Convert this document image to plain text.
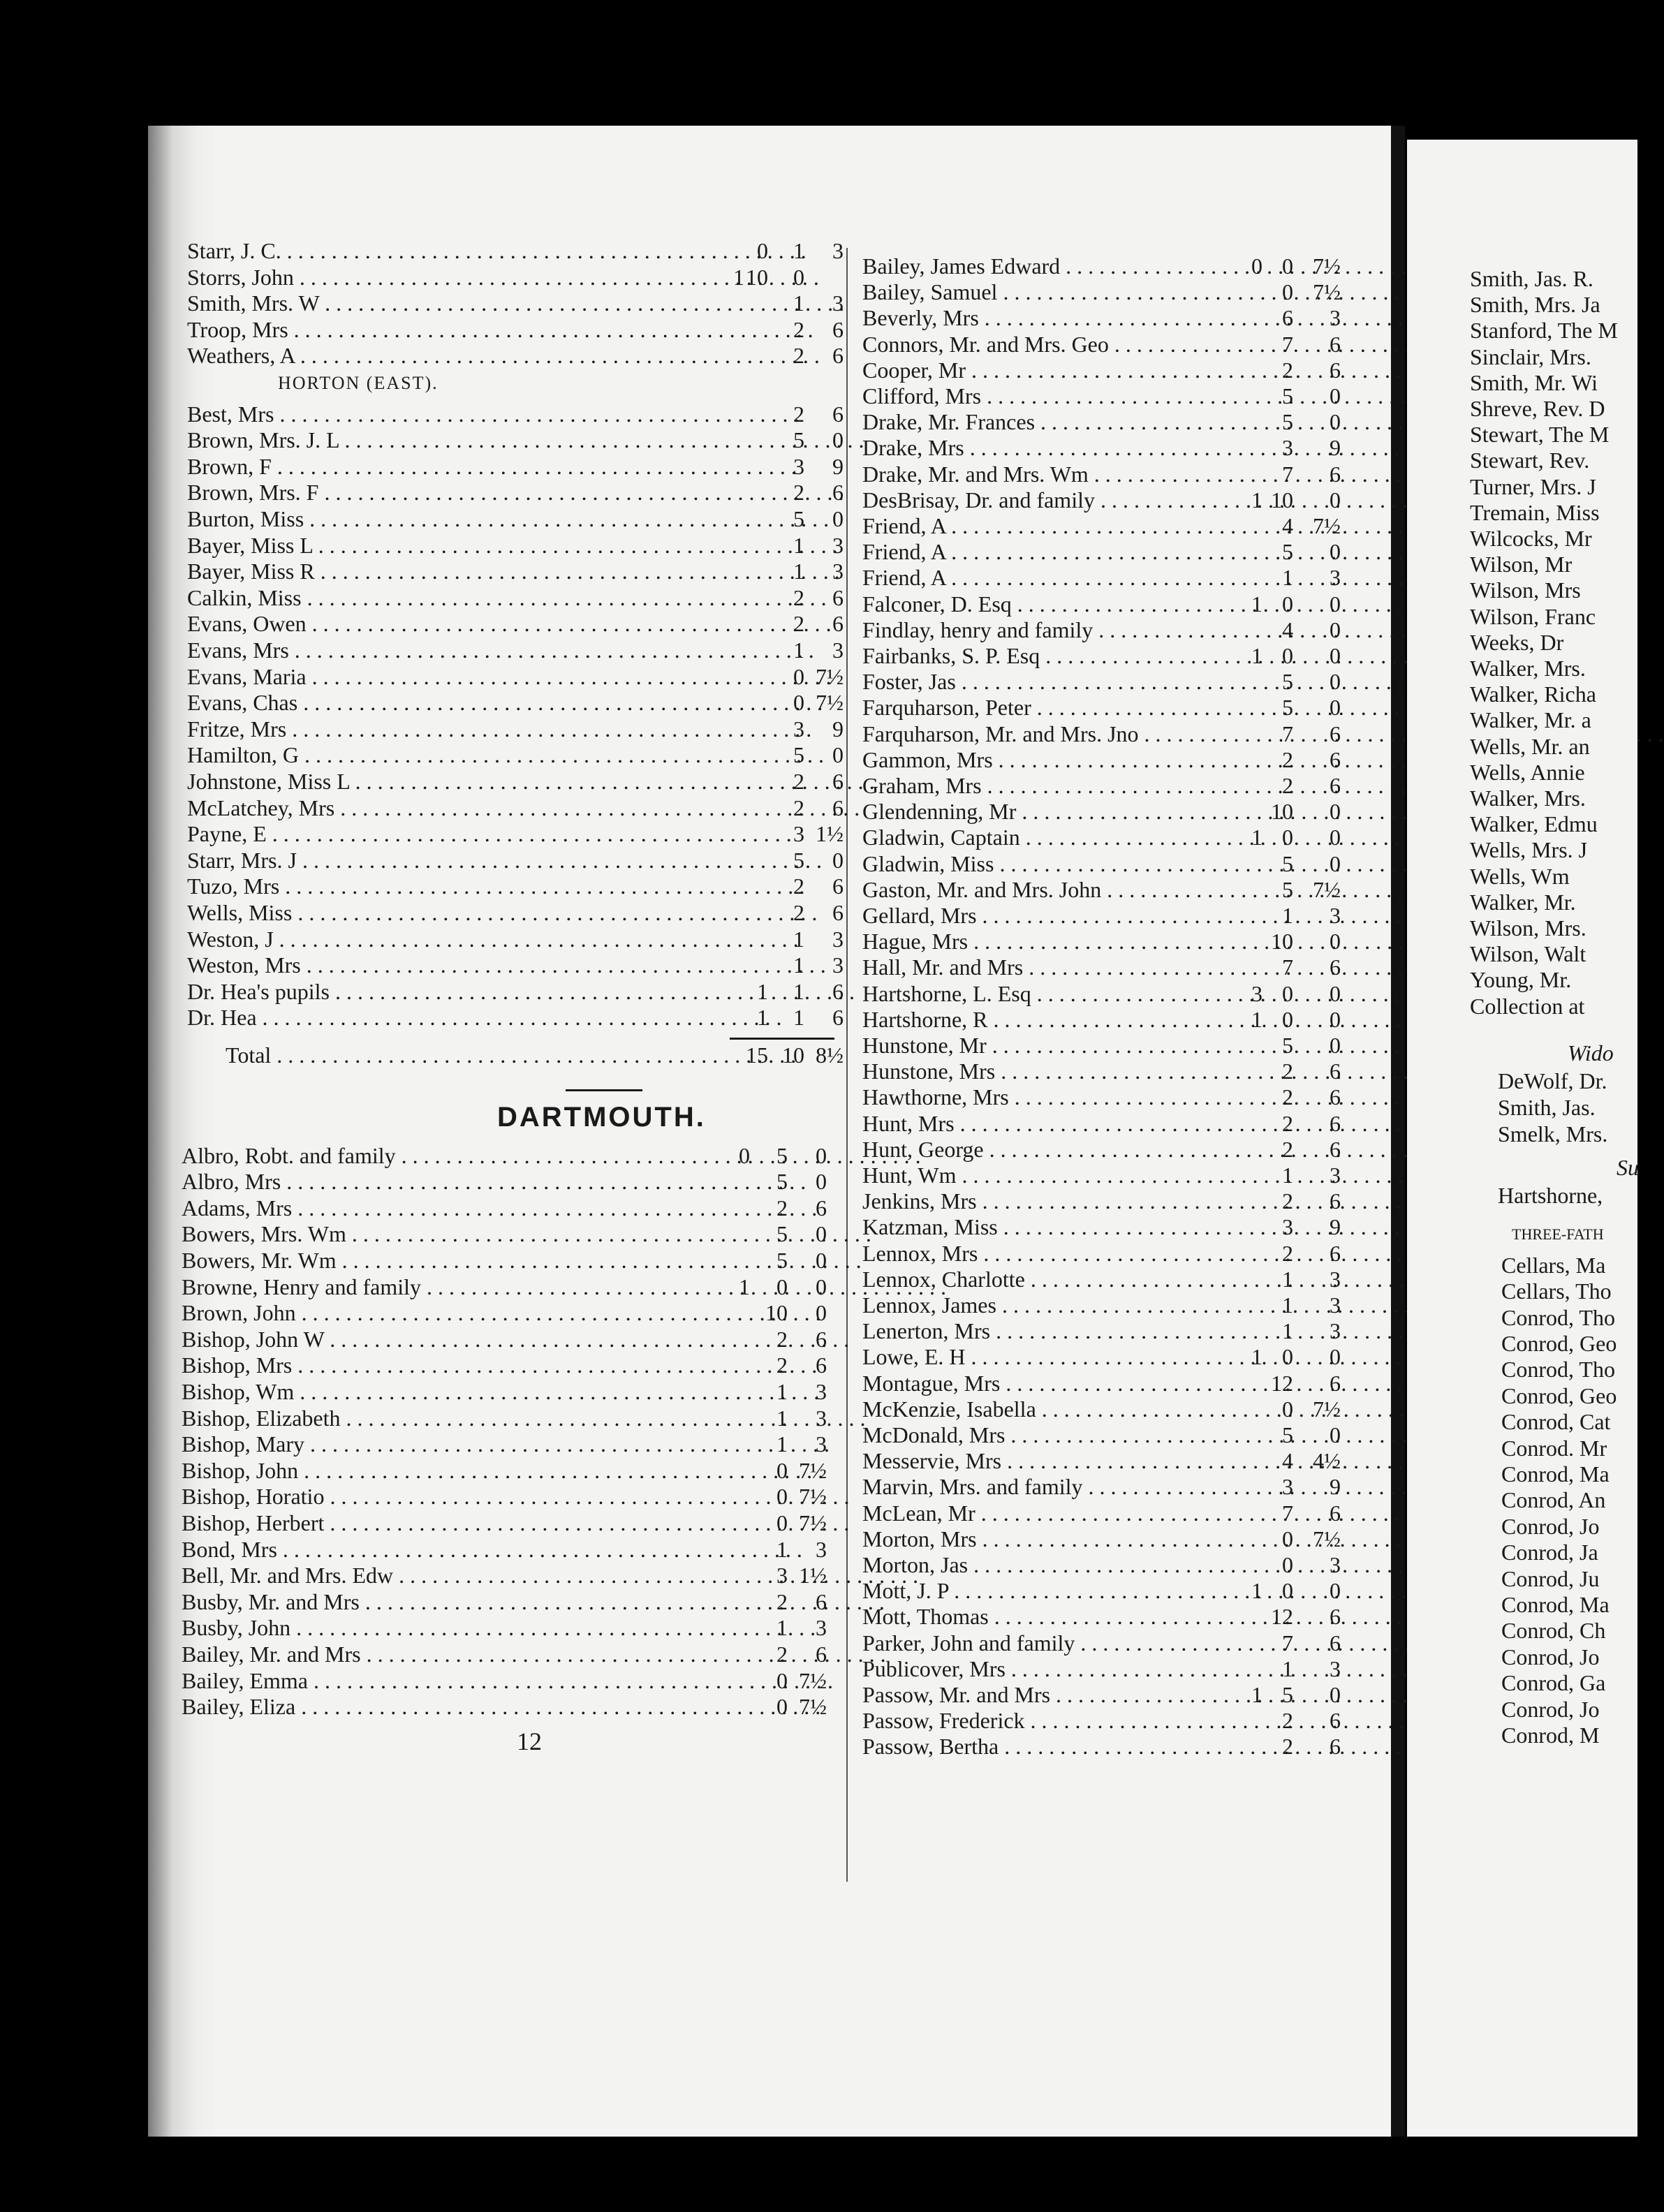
Starr, J. C. . . .	0	1	3
Storrs, John . . .	1 10	0
Smith, Mrs. W . . .	1	3
Troop, Mrs . . .	2	6
Weathers, A . . .	2	6
HORTON (EAST).
Best, Mrs . . .	2	6
Brown, Mrs. J. L . . .	5	0
Brown, F . . .	3	9
Brown, Mrs. F . . .	2	6
Burton, Miss . . .	5	0
Bayer, Miss L . . .	1	3
Bayer, Miss R . . .	1	3
Calkin, Miss . . .	2	6
Evans, Owen . . .	2	6
Evans, Mrs . . .	1	3
Evans, Maria . . .	0 7½
Evans, Chas . . .	0 7½
Fritze, Mrs . . .	3	9
Hamilton, G . . .	5	0
Johnstone, Miss L . . .	2	6
McLatchey, Mrs . . .	2	6
Payne, E . . .	3 1½
Starr, Mrs. J . . .	5	0
Tuzo, Mrs . . .	2	6
Wells, Miss . . .	2	6
Weston, J . . .	1	3
Weston, Mrs . . .	1	3
Dr. Hea's pupils . . .	1	1	6
Dr. Hea . . .	1	1	6
Total . . .	15 10 8½
DARTMOUTH.
Albro, Robt. and family . . .	0	5	0
Albro, Mrs . . .	5	0
Adams, Mrs . . .	2	6
Bowers, Mrs. Wm . . .	5	0
Bowers, Mr. Wm . . .	5	0
Browne, Henry and family . . .	1	0	0
Brown, John . . .	10	0
Bishop, John W . . .	2	6
Bishop, Mrs . . .	2	6
Bishop, Wm . . .	1	3
Bishop, Elizabeth . . .	1	3
Bishop, Mary . . .	1	3
Bishop, John . . .	0 7½
Bishop, Horatio . . .	0 7½
Bishop, Herbert . . .	0 7½
Bond, Mrs . . .	1	3
Bell, Mr. and Mrs. Edw . . .	3 1½
Busby, Mr. and Mrs . . .	2	6
Busby, John . . .	1	3
Bailey, Mr. and Mrs . . .	2	6
Bailey, Emma . . .	0 7½
Bailey, Eliza . . .	0 7½
12
Bailey, James Edward . . .	0 0 7½
Bailey, Samuel . . .	0 7½
Beverly, Mrs . . .	6	3
Connors, Mr. and Mrs. Geo . . .	7	6
Cooper, Mr . . .	2	6
Clifford, Mrs . . .	5	0
Drake, Mr. Frances . . .	5	0
Drake, Mrs . . .	3	9
Drake, Mr. and Mrs. Wm . . .	7	6
DesBrisay, Dr. and family . . .	1 10	0
Friend, A . . .	4 7½
Friend, A . . .	5	0
Friend, A . . .	1	3
Falconer, D. Esq . . .	1 0	0
Findlay, henry and family . . .	4	0
Fairbanks, S. P. Esq . . .	1 0	0
Foster, Jas . . .	5	0
Farquharson, Peter . . .	5	0
Farquharson, Mr. and Mrs. Jno . . .	7	6
Gammon, Mrs . . .	2	6
Graham, Mrs . . .	2	6
Glendenning, Mr . . .	10	0
Gladwin, Captain . . .	1 0	0
Gladwin, Miss . . .	5	0
Gaston, Mr. and Mrs. John . . .	5 7½
Gellard, Mrs . . .	1	3
Hague, Mrs . . .	10	0
Hall, Mr. and Mrs . . .	7	6
Hartshorne, L. Esq . . .	3 0	0
Hartshorne, R . . .	1 0	0
Hunstone, Mr . . .	5	0
Hunstone, Mrs . . .	2	6
Hawthorne, Mrs . . .	2	6
Hunt, Mrs . . .	2	6
Hunt, George . . .	2	6
Hunt, Wm . . .	1	3
Jenkins, Mrs . . .	2	6
Katzman, Miss . . .	3	9
Lennox, Mrs . . .	2	6
Lennox, Charlotte . . .	1	3
Lennox, James . . .	1	3
Lenerton, Mrs . . .	1	3
Lowe, E. H . . .	1 0	0
Montague, Mrs . . .	12	6
McKenzie, Isabella . . .	0 7½
McDonald, Mrs . . .	5	0
Messervie, Mrs . . .	4 4½
Marvin, Mrs. and family . . .	3	9
McLean, Mr . . .	7	6
Morton, Mrs . . .	0 7½
Morton, Jas . . .	0	3
Mott, J. P . . .	1 0	0
Mott, Thomas . . .	12	6
Parker, John and family . . .	7	6
Publicover, Mrs . . .	1	3
Passow, Mr. and Mrs . . .	1 5	0
Passow, Frederick . . .	2	6
Passow, Bertha . . .	2	6
Smith, Jas. R.
Smith, Mrs. Ja
Stanford, The M
Sinclair, Mrs.
Smith, Mr. Wi
Shreve, Rev. D
Stewart, The M
Stewart, Rev.
Turner, Mrs. J
Tremain, Miss
Wilcocks, Mr
Wilson, Mr
Wilson, Mrs
Wilson, Franc
Weeks, Dr
Walker, Mrs.
Walker, Richa
Walker, Mr. a
Wells, Mr. an
Wells, Annie
Walker, Mrs.
Walker, Edmu
Wells, Mrs. J
Wells, Wm
Walker, Mr.
Wilson, Mrs.
Wilson, Walt
Young, Mr.
Collection at
Wido
DeWolf, Dr.
Smith, Jas.
Smelk, Mrs.
Su
Hartshorne,
THREE-FATH
Cellars, Ma
Cellars, Tho
Conrod, Tho
Conrod, Geo
Conrod, Tho
Conrod, Geo
Conrod, Cat
Conrod. Mr
Conrod, Ma
Conrod, An
Conrod, Jo
Conrod, Ja
Conrod, Ju
Conrod, Ma
Conrod, Ch
Conrod, Jo
Conrod, Ga
Conrod, Jo
Conrod, M
